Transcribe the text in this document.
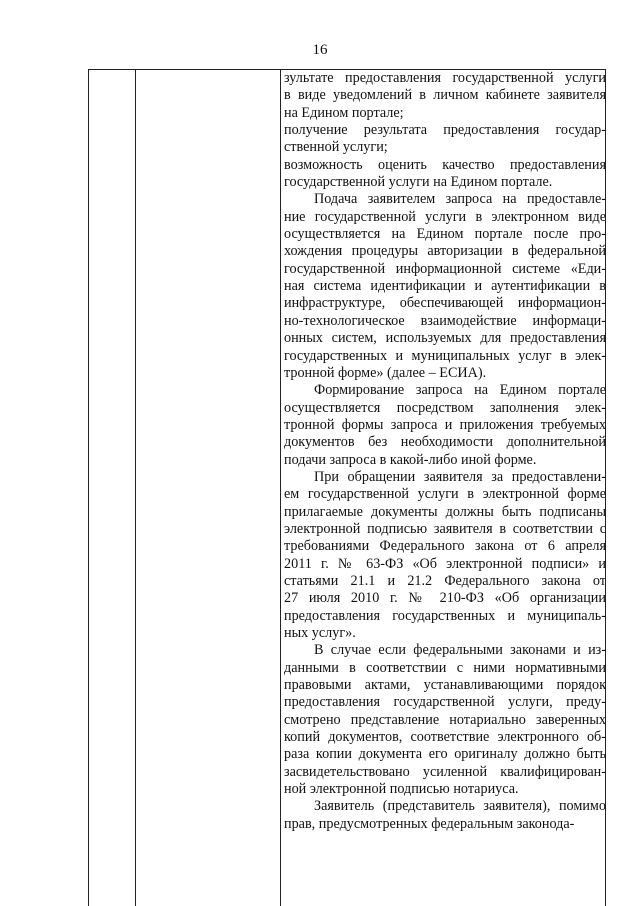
16

зультате предоставления государственной услуги

в виде уведомлений в личном кабинете заявителя

на Едином портале;

получение результата предоставления государ-

ственной услуги;

возможность оценить качество предоставления

государственной услуги на Едином портале.

Подача заявителем запроса на предоставле-

ние государственной услуги в электронном виде

осуществляется на Едином портале после про-

хождения процедуры авторизации в федеральной

государственной информационной системе «Еди-

ная система идентификации и аутентификации в

инфраструктуре, обеспечивающей информацион-

но-технологическое взаимодействие информаци-

онных систем, используемых для предоставления

государственных и муниципальных услуг в элек-

тронной форме» (далее – ЕСИА).

Формирование запроса на Едином портале

осуществляется посредством заполнения элек-

тронной формы запроса и приложения требуемых

документов без необходимости дополнительной

подачи запроса в какой-либо иной форме.

При обращении заявителя за предоставлени-

ем государственной услуги в электронной форме

прилагаемые документы должны быть подписаны

электронной подписью заявителя в соответствии с

требованиями Федерального закона от 6 апреля

2011 г. № 63-ФЗ «Об электронной подписи» и

статьями 21.1 и 21.2 Федерального закона от

27 июля 2010 г. № 210-ФЗ «Об организации

предоставления государственных и муниципаль-

ных услуг».

В случае если федеральными законами и из-

данными в соответствии с ними нормативными

правовыми актами, устанавливающими порядок

предоставления государственной услуги, преду-

смотрено представление нотариально заверенных

копий документов, соответствие электронного об-

раза копии документа его оригиналу должно быть

засвидетельствовано усиленной квалифицирован-

ной электронной подписью нотариуса.

Заявитель (представитель заявителя), помимо

прав, предусмотренных федеральным законода-
